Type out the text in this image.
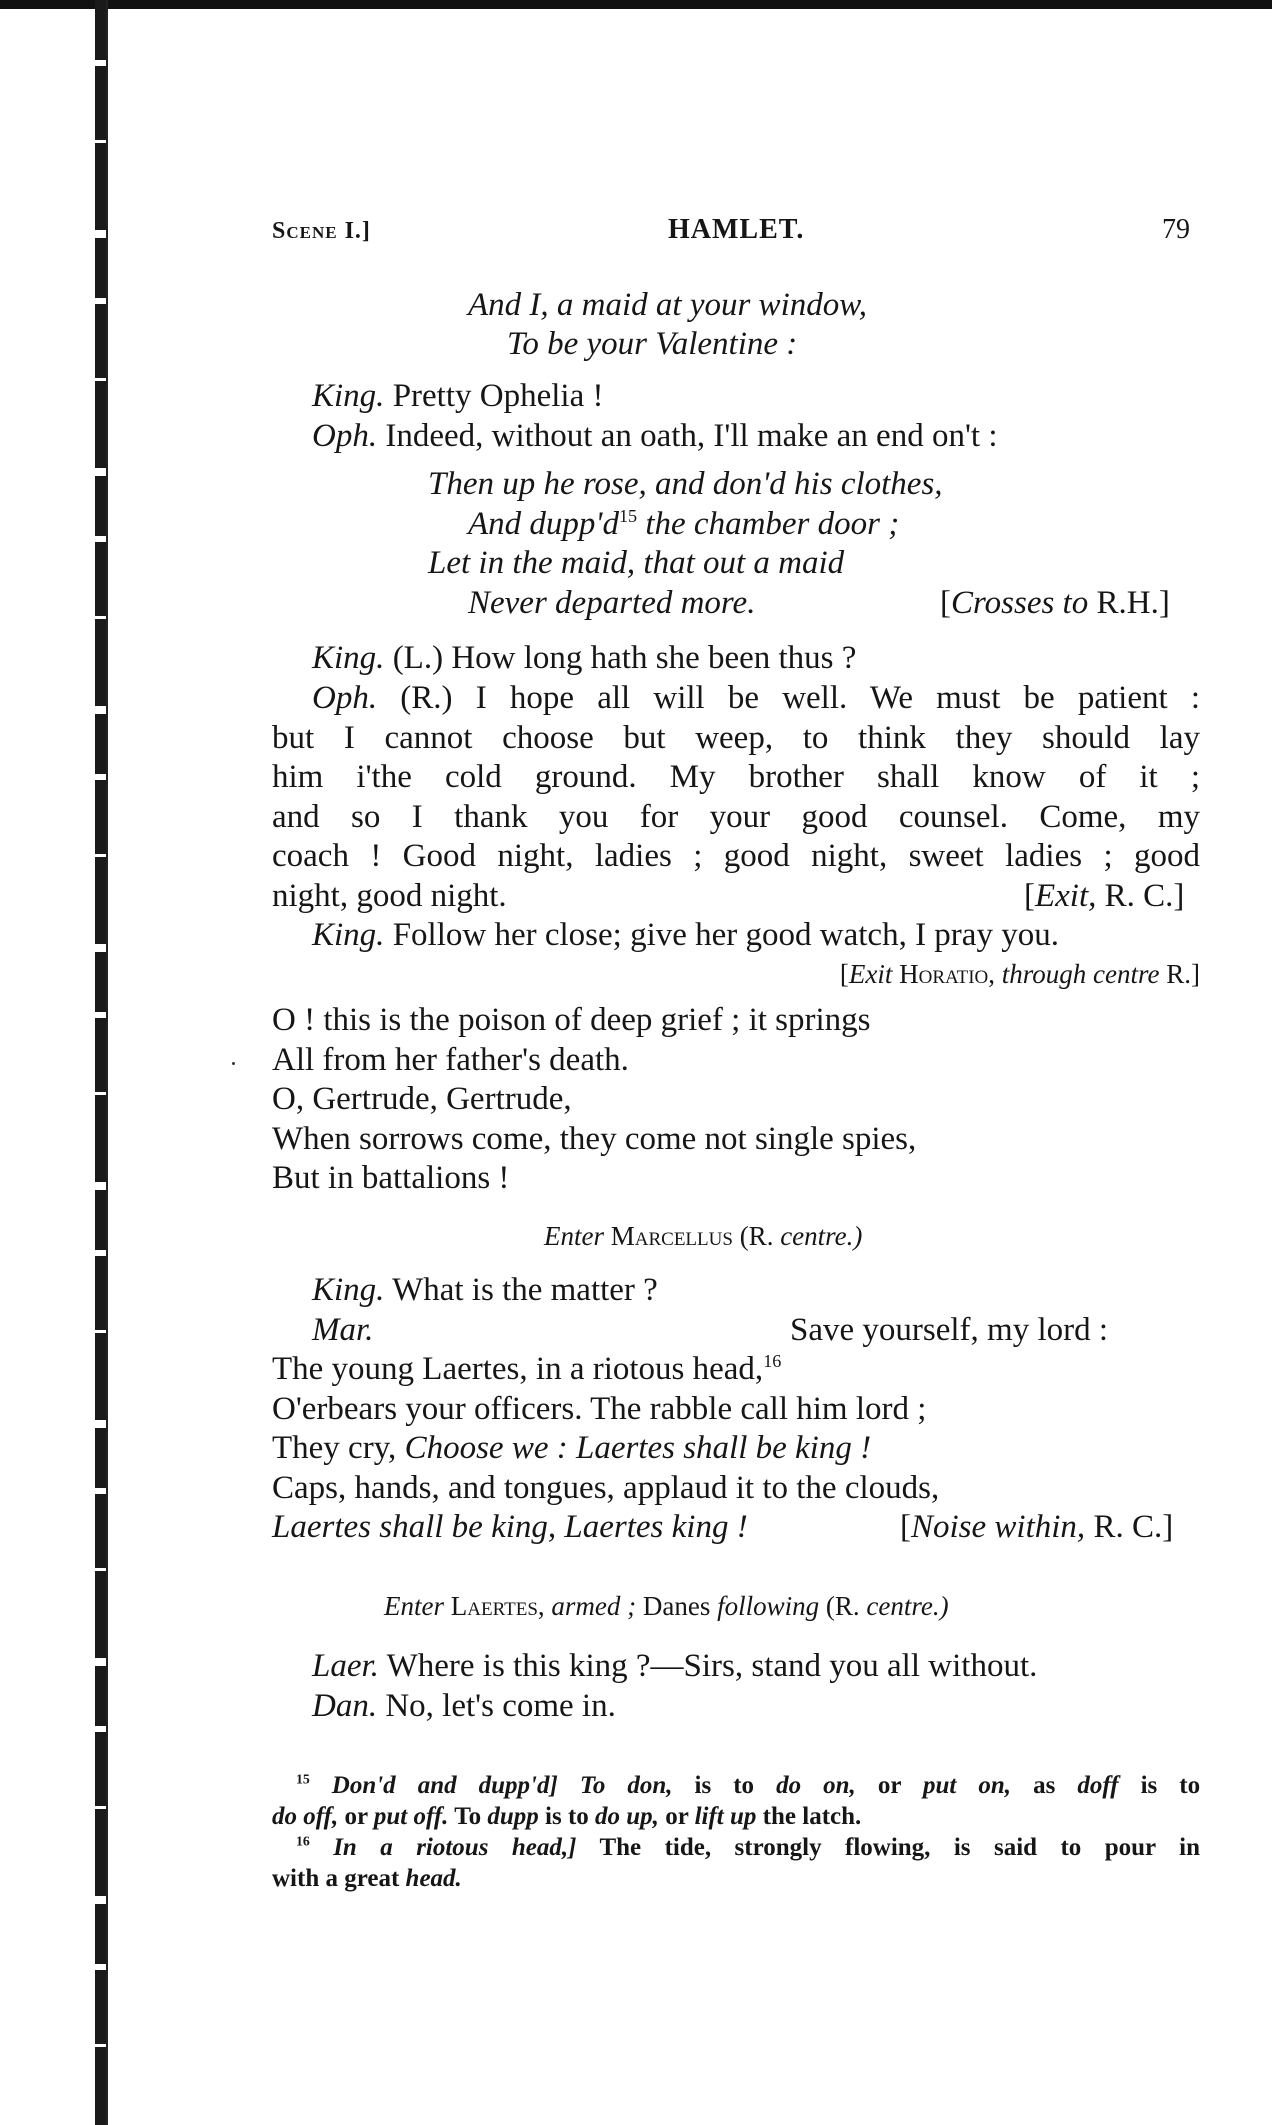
Scene I.]	HAMLET.	79
And I, a maid at your window,
To be your Valentine :
King. Pretty Ophelia !
Oph. Indeed, without an oath, I'll make an end on't :
Then up he rose, and don'd his clothes,
And $dupp'd^{15}$ the chamber door ;
Let in the maid, that out a maid
Never departed more.	[Crosses to R.H.]
King. (L.) How long hath she been thus ?
Oph. (R.) I hope all will be well. We must be patient :
but I cannot choose but weep, to think they should lay
him i'the cold ground. My brother shall know of it ;
and so I thank you for your good counsel. Come, my
coach ! Good night, ladies ; good night, sweet ladies ; good
night, good night.	[Exit, R. C.]
King. Follow her close; give her good watch, I pray you.
[Exit Horatio, through centre R.]
O ! this is the poison of deep grief ; it springs
All from her father's death.
O, Gertrude, Gertrude,
When sorrows come, they come not single spies,
But in battalions !
Enter Marcellus (R. centre.)
King. What is the matter ?
Mar.	Save yourself, my lord :
The young Laertes, in a riotous head,$^{16}$
O'erbears your officers. The rabble call him lord ;
They cry, Choose we : Laertes shall be king !
Caps, hands, and tongues, applaud it to the clouds,
Laertes shall be king, Laertes king !	[Noise within, R. C.]
Enter Laertes, armed ; Danes following (R. centre.)
Laer. Where is this king ?—Sirs, stand you all without.
Dan. No, let's come in.
$^{15}$ Don'd and dupp'd] To don, is to do on, or put on, as doff is to
do off, or put off. To dupp is to do up, or lift up the latch.
$^{16}$ In a riotous head,] The tide, strongly flowing, is said to pour in
with a great head.
